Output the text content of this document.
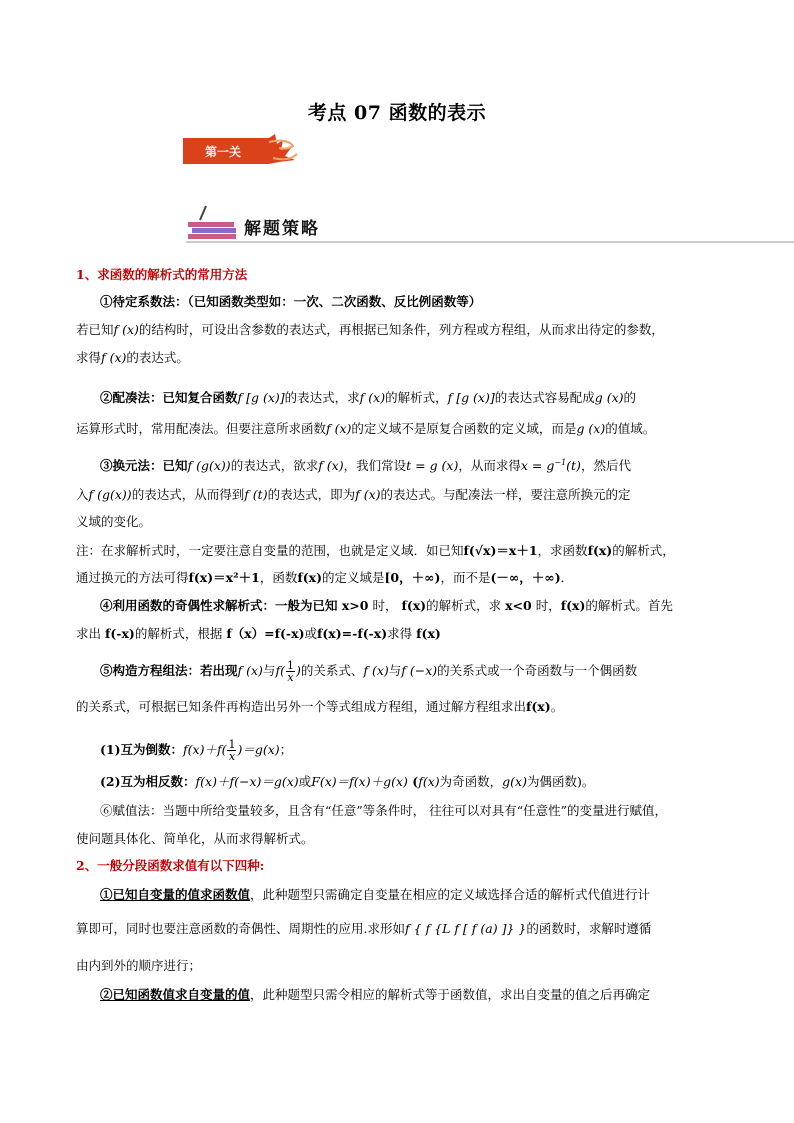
考点 07 函数的表示
第一关
解题策略
1、求函数的解析式的常用方法
①待定系数法：（已知函数类型如：一次、二次函数、反比例函数等）
若已知f (x)的结构时，可设出含参数的表达式，再根据已知条件，列方程或方程组，从而求出待定的参数，
求得f (x)的表达式。
②配凑法：已知复合函数f [g (x)]的表达式，求f (x)的解析式，f [g (x)]的表达式容易配成g (x)的
运算形式时，常用配凑法。但要注意所求函数f (x)的定义域不是原复合函数的定义域，而是g (x)的值域。
③换元法：已知f (g(x))的表达式，欲求f (x)，我们常设t = g (x)，从而求得$x = g^{-1}(t)$，然后代
入f (g(x))的表达式，从而得到f (t)的表达式，即为f (x)的表达式。与配凑法一样，要注意所换元的定
义域的变化。
注：在求解析式时，一定要注意自变量的范围，也就是定义域．如已知f(√x)＝x＋1，求函数f(x)的解析式，
通过换元的方法可得f(x)＝x²＋1，函数f(x)的定义域是[0，＋∞)，而不是(－∞，＋∞)．
④利用函数的奇偶性求解析式：一般为已知 x>0 时， f(x)的解析式，求 x<0 时，f(x)的解析式。首先
求出 f(-x)的解析式，根据 f（x）=f(-x)或f(x)=-f(-x)求得 f(x)
⑤构造方程组法：若出现f (x)与$f( \frac{1}{x}$ )的关系式、f (x)与f (−x)的关系式或一个奇函数与一个偶函数
的关系式，可根据已知条件再构造出另外一个等式组成方程组，通过解方程组求出f(x)。
(1)互为倒数：$f(x)+f( \frac{1}{x} )=g(x)$；
(2)互为相反数：f(x)＋f(−x)＝g(x)或F(x)＝f(x)＋g(x) (f(x)为奇函数，g(x)为偶函数)。
⑥赋值法：当题中所给变量较多，且含有“任意”等条件时， 往往可以对具有“任意性”的变量进行赋值，
使问题具体化、简单化，从而求得解析式。
2、一般分段函数求值有以下四种:
①已知自变量的值求函数值，此种题型只需确定自变量在相应的定义域选择合适的解析式代值进行计
算即可，同时也要注意函数的奇偶性、周期性的应用.求形如f { f {L f [ f (a) ]} }的函数时，求解时遵循
由内到外的顺序进行；
②已知函数值求自变量的值，此种题型只需令相应的解析式等于函数值，求出自变量的值之后再确定
